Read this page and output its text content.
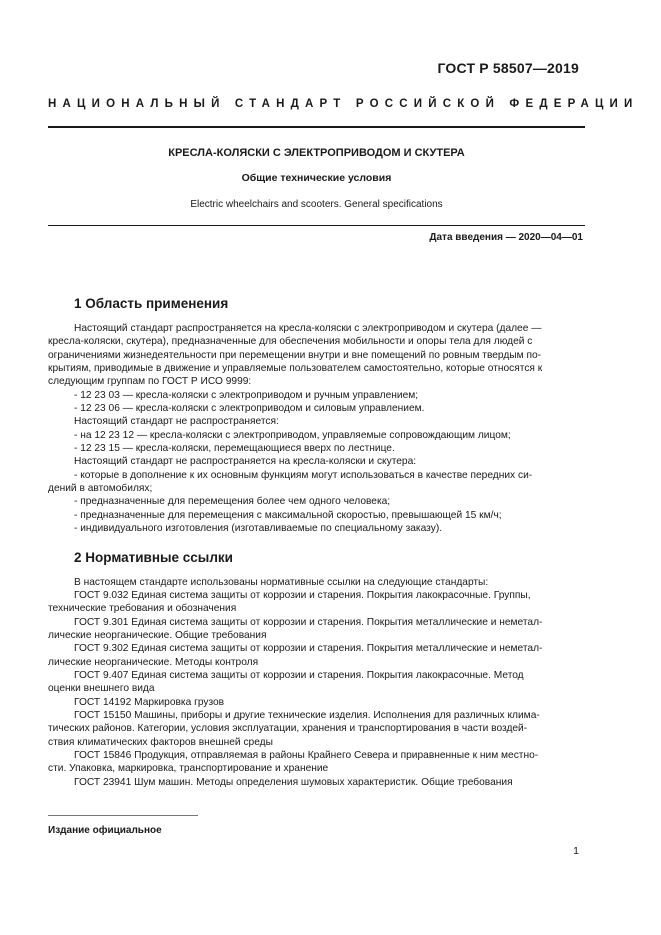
ГОСТ Р 58507—2019
НАЦИОНАЛЬНЫЙ СТАНДАРТ РОССИЙСКОЙ ФЕДЕРАЦИИ
КРЕСЛА-КОЛЯСКИ С ЭЛЕКТРОПРИВОДОМ И СКУТЕРА
Общие технические условия
Electric wheelchairs and scooters. General specifications
Дата введения — 2020—04—01
1 Область применения
Настоящий стандарт распространяется на кресла-коляски с электроприводом и скутера (далее —
кресла-коляски, скутера), предназначенные для обеспечения мобильности и опоры тела для людей с
ограничениями жизнедеятельности при перемещении внутри и вне помещений по ровным твердым по-
крытиям, приводимые в движение и управляемые пользователем самостоятельно, которые относятся к
следующим группам по ГОСТ Р ИСО 9999:
- 12 23 03 — кресла-коляски с электроприводом и ручным управлением;
- 12 23 06 — кресла-коляски с электроприводом и силовым управлением.
Настоящий стандарт не распространяется:
- на 12 23 12 — кресла-коляски с электроприводом, управляемые сопровождающим лицом;
- 12 23 15 — кресла-коляски, перемещающиеся вверх по лестнице.
Настоящий стандарт не распространяется на кресла-коляски и скутера:
- которые в дополнение к их основным функциям могут использоваться в качестве передних си-
дений в автомобилях;
- предназначенные для перемещения более чем одного человека;
- предназначенные для перемещения с максимальной скоростью, превышающей 15 км/ч;
- индивидуального изготовления (изготавливаемые по специальному заказу).
2 Нормативные ссылки
В настоящем стандарте использованы нормативные ссылки на следующие стандарты:
ГОСТ 9.032 Единая система защиты от коррозии и старения. Покрытия лакокрасочные. Группы,
технические требования и обозначения
ГОСТ 9.301 Единая система защиты от коррозии и старения. Покрытия металлические и неметал-
лические неорганические. Общие требования
ГОСТ 9.302 Единая система защиты от коррозии и старения. Покрытия металлические и неметал-
лические неорганические. Методы контроля
ГОСТ 9.407 Единая система защиты от коррозии и старения. Покрытия лакокрасочные. Метод
оценки внешнего вида
ГОСТ 14192 Маркировка грузов
ГОСТ 15150 Машины, приборы и другие технические изделия. Исполнения для различных клима-
тических районов. Категории, условия эксплуатации, хранения и транспортирования в части воздей-
ствия климатических факторов внешней среды
ГОСТ 15846 Продукция, отправляемая в районы Крайнего Севера и приравненные к ним местно-
сти. Упаковка, маркировка, транспортирование и хранение
ГОСТ 23941 Шум машин. Методы определения шумовых характеристик. Общие требования
Издание официальное
1
